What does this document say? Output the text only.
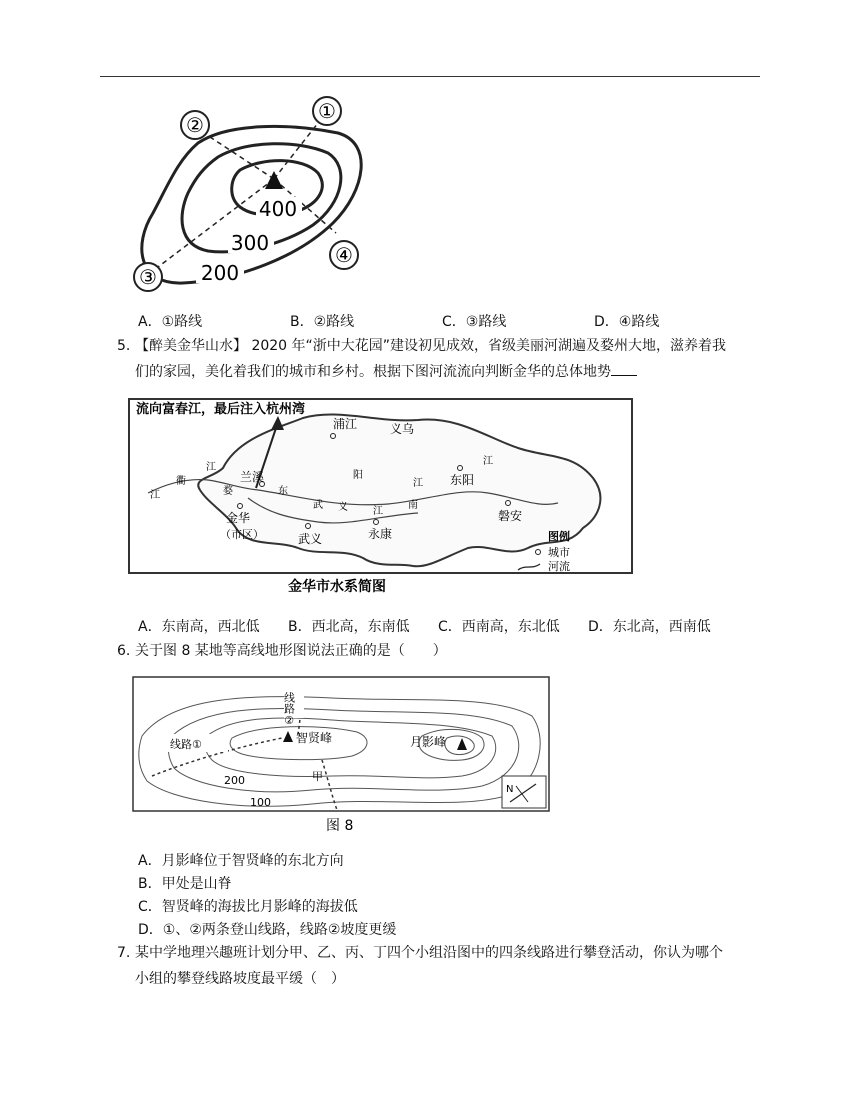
①
②
③
④
400
300
200
A．①路线	B．②路线	C．③路线	D．④路线
5. 【醉美金华山水】 2020 年“浙中大花园”建设初见成效，省级美丽河湖遍及婺州大地，滋养着我
们的家园，美化着我们的城市和乡村。根据下图河流流向判断金华的总体地势
流向富春江，最后注入杭州湾
浦江	义乌
兰溪	东阳
金华
（市区）	武义	永康
磐安
江
江
衢
婺	东
阳
江
南
江
武 义	江
图例
城市
河流
金华市水系简图
A．东南高，西北低	B．西北高，东南低	C．西南高，东北低	D．东北高，西南低
6. 关于图 8 某地等高线地形图说法正确的是（　　）
线路②
线路①	智贤峰	月影峰
200
100
甲
N
图 8
A．月影峰位于智贤峰的东北方向
B．甲处是山脊
C．智贤峰的海拔比月影峰的海拔低
D．①、②两条登山线路，线路②坡度更缓
7. 某中学地理兴趣班计划分甲、乙、丙、丁四个小组沿图中的四条线路进行攀登活动，你认为哪个
小组的攀登线路坡度最平缓（　）
